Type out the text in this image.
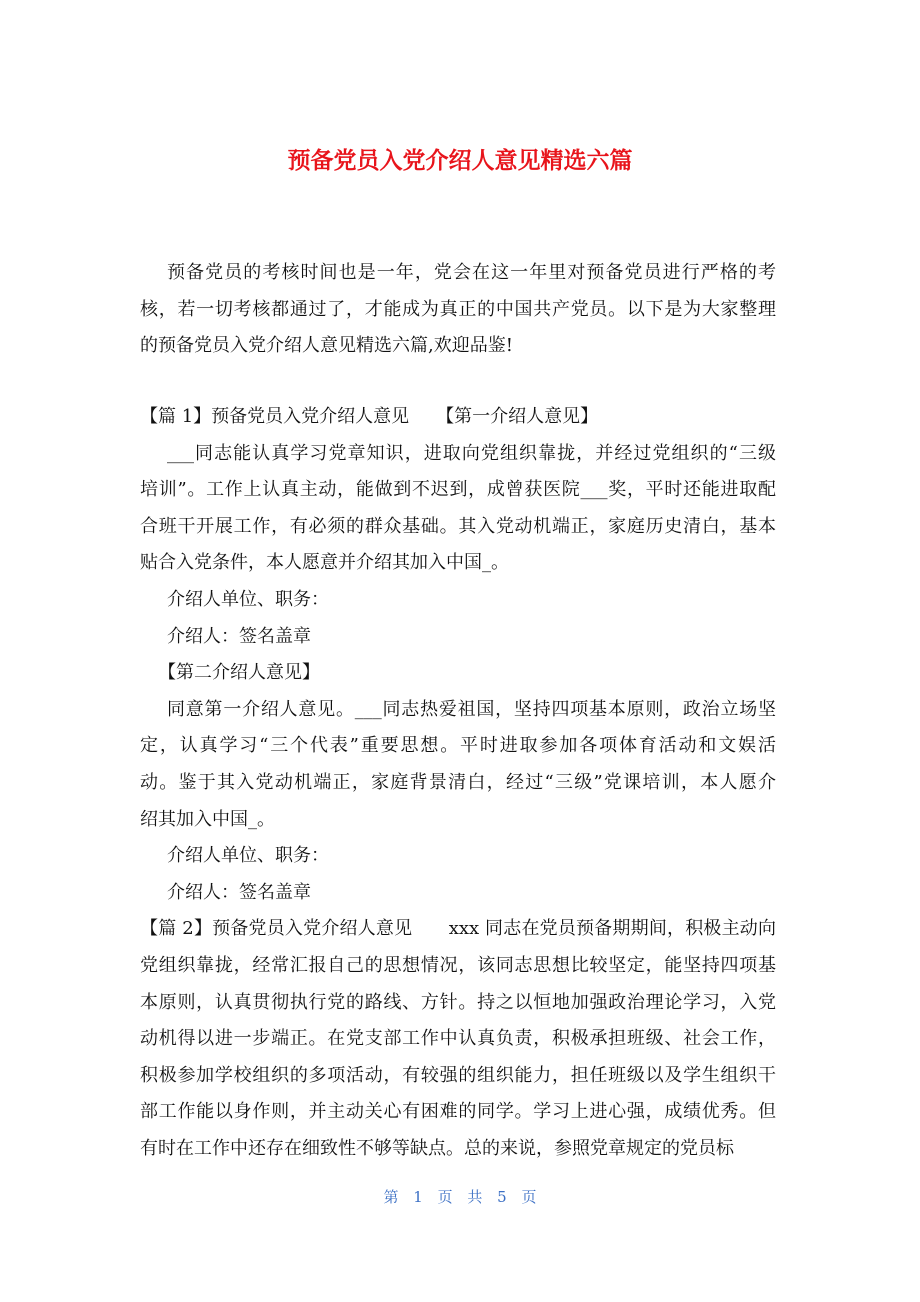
预备党员入党介绍人意见精选六篇
预备党员的考核时间也是一年，党会在这一年里对预备党员进行严格的考
核，若一切考核都通过了，才能成为真正的中国共产党员。以下是为大家整理
的预备党员入党介绍人意见精选六篇,欢迎品鉴!
【篇 1】预备党员入党介绍人意见　　【第一介绍人意见】
___同志能认真学习党章知识，进取向党组织靠拢，并经过党组织的“三级
培训”。工作上认真主动，能做到不迟到，成曾获医院___奖，平时还能进取配
合班干开展工作，有必须的群众基础。其入党动机端正，家庭历史清白，基本
贴合入党条件，本人愿意并介绍其加入中国_。
介绍人单位、职务：
介绍人：签名盖章
【第二介绍人意见】
同意第一介绍人意见。___同志热爱祖国，坚持四项基本原则，政治立场坚
定，认真学习“三个代表”重要思想。平时进取参加各项体育活动和文娱活
动。鉴于其入党动机端正，家庭背景清白，经过“三级”党课培训，本人愿介
绍其加入中国_。
介绍人单位、职务：
介绍人：签名盖章
【篇 2】预备党员入党介绍人意见　　xxx 同志在党员预备期期间，积极主动向
党组织靠拢，经常汇报自己的思想情况，该同志思想比较坚定，能坚持四项基
本原则，认真贯彻执行党的路线、方针。持之以恒地加强政治理论学习，入党
动机得以进一步端正。在党支部工作中认真负责，积极承担班级、社会工作，
积极参加学校组织的多项活动，有较强的组织能力，担任班级以及学生组织干
部工作能以身作则，并主动关心有困难的同学。学习上进心强，成绩优秀。但
有时在工作中还存在细致性不够等缺点。总的来说，参照党章规定的党员标
第 1 页 共 5 页
